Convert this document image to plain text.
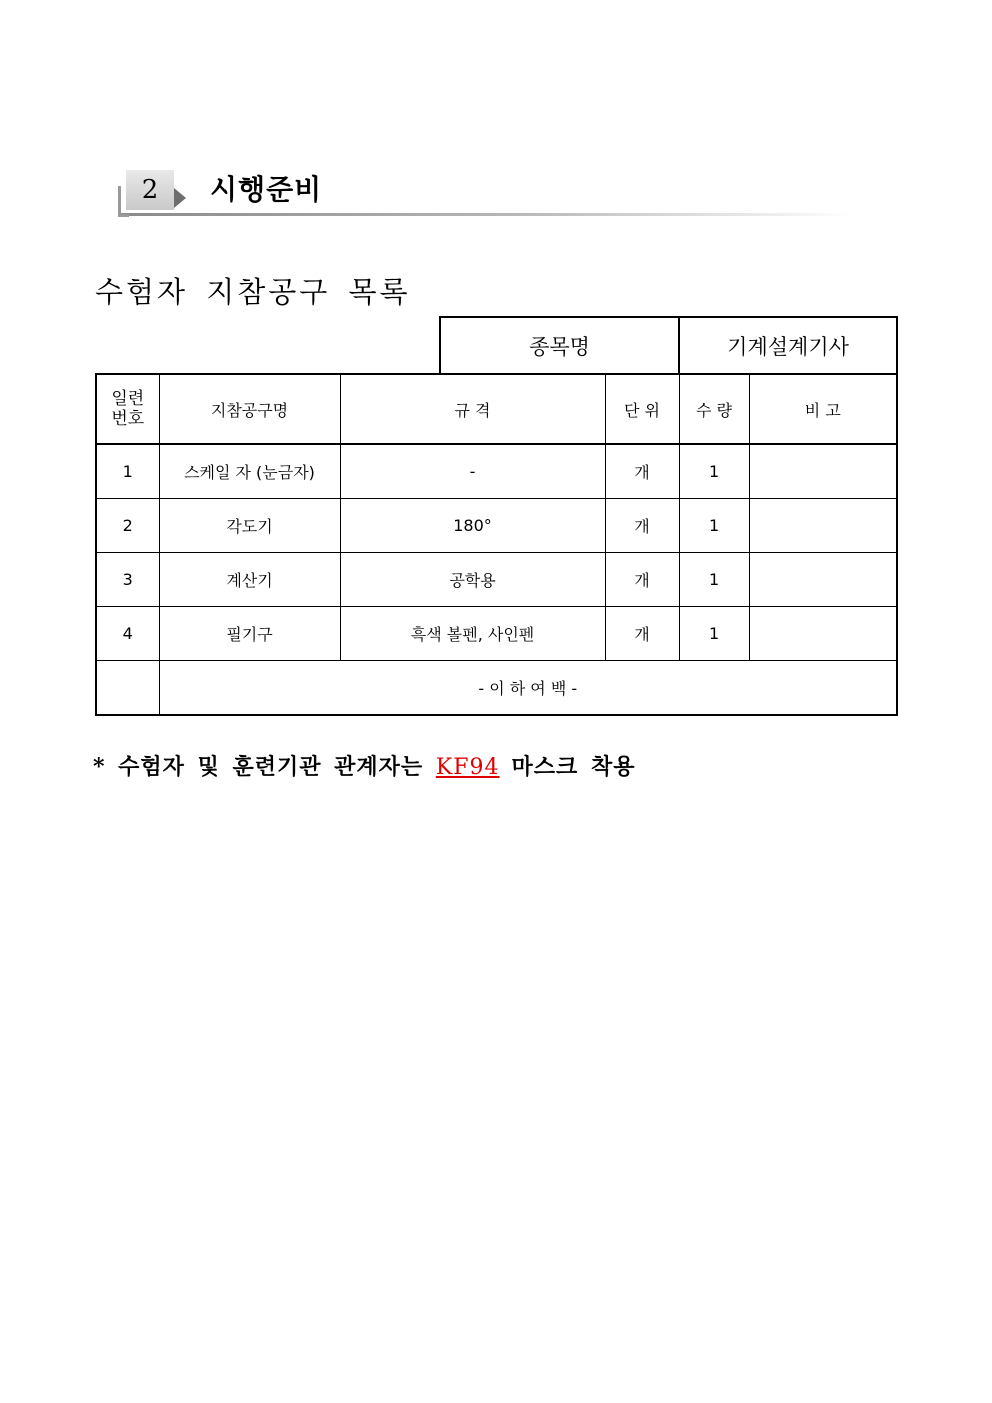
2	시행준비
수험자 지참공구 목록
			종목명		기계설계기사	
일련
번호	지참공구명	규 격		단 위	수 량	비 고
1	스케일 자 (눈금자)	-		개	1	
2	각도기	180°		개	1	
3	계산기	공학용		개	1	
4	필기구	흑색 볼펜, 사인펜		개	1	
	- 이 하 여 백 -					
* 수험자 및 훈련기관 관계자는 KF94 마스크 착용
